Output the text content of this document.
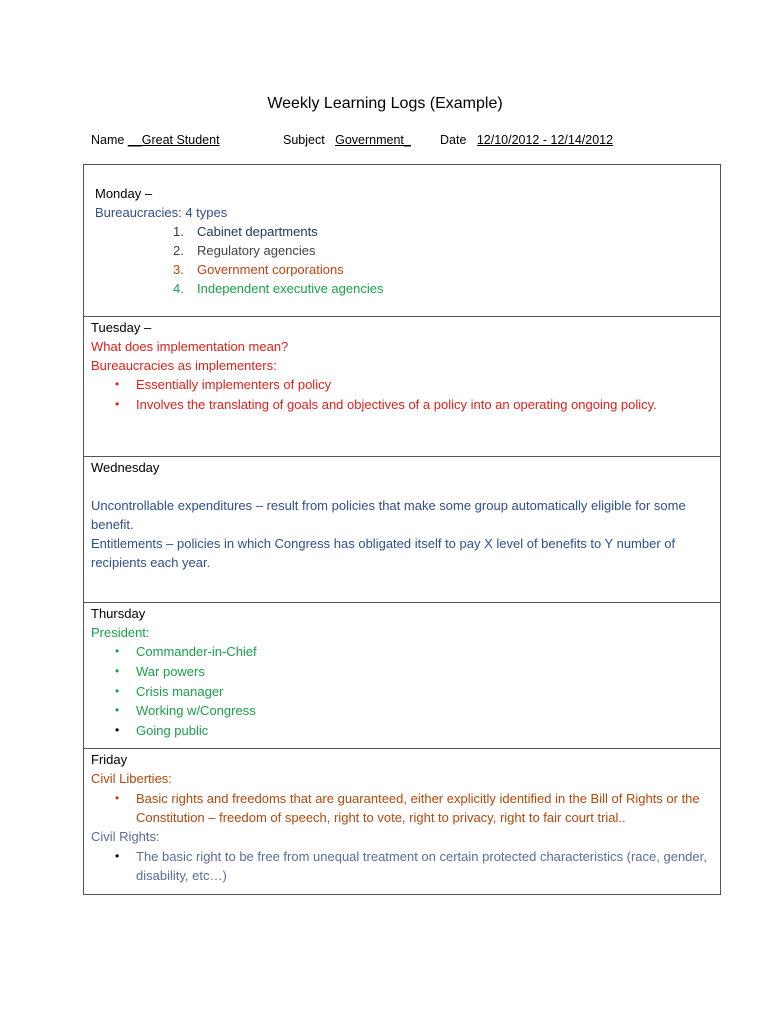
Weekly Learning Logs (Example)
Name __Great Student	Subject Government_ Date 12/10/2012 - 12/14/2012
Monday –
Bureaucracies: 4 types
1. Cabinet departments
2. Regulatory agencies
3. Government corporations
4. Independent executive agencies
Tuesday –
What does implementation mean?
Bureaucracies as implementers:
• Essentially implementers of policy
• Involves the translating of goals and objectives of a policy into an operating ongoing policy.
Wednesday
Uncontrollable expenditures – result from policies that make some group automatically eligible for some benefit.
Entitlements – policies in which Congress has obligated itself to pay X level of benefits to Y number of recipients each year.
Thursday
President:
• Commander-in-Chief
• War powers
• Crisis manager
• Working w/Congress
• Going public
Friday
Civil Liberties:
• Basic rights and freedoms that are guaranteed, either explicitly identified in the Bill of Rights or the Constitution – freedom of speech, right to vote, right to privacy, right to fair court trial..
Civil Rights:
• The basic right to be free from unequal treatment on certain protected characteristics (race, gender, disability, etc…)
